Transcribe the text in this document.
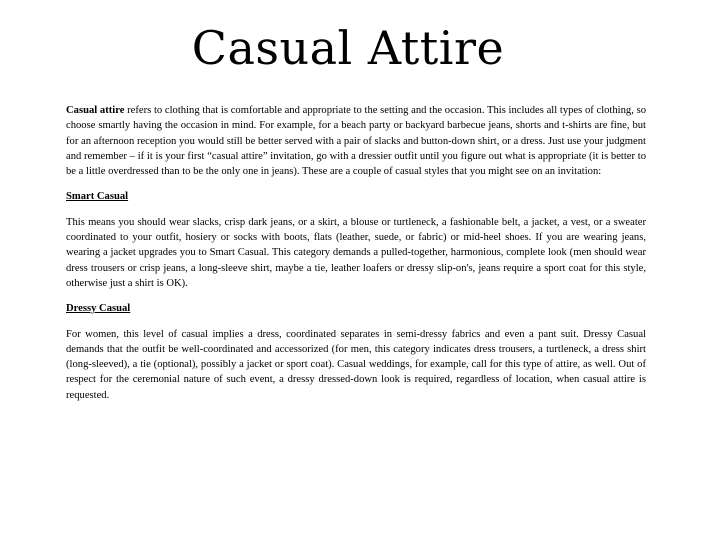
Casual Attire

Casual attire refers to clothing that is comfortable and appropriate to the setting and the occasion. This includes all types of clothing, so choose smartly having the occasion in mind. For example, for a beach party or backyard barbecue jeans, shorts and t-shirts are fine, but for an afternoon reception you would still be better served with a pair of slacks and button-down shirt, or a dress. Just use your judgment and remember – if it is your first “casual attire” invitation, go with a dressier outfit until you figure out what is appropriate (it is better to be a little overdressed than to be the only one in jeans). These are a couple of casual styles that you might see on an invitation:

Smart Casual

This means you should wear slacks, crisp dark jeans, or a skirt, a blouse or turtleneck, a fashionable belt, a jacket, a vest, or a sweater coordinated to your outfit, hosiery or socks with boots, flats (leather, suede, or fabric) or mid-heel shoes. If you are wearing jeans, wearing a jacket upgrades you to Smart Casual. This category demands a pulled-together, harmonious, complete look (men should wear dress trousers or crisp jeans, a long-sleeve shirt, maybe a tie, leather loafers or dressy slip-on's, jeans require a sport coat for this style, otherwise just a shirt is OK).

Dressy Casual

For women, this level of casual implies a dress, coordinated separates in semi-dressy fabrics and even a pant suit. Dressy Casual demands that the outfit be well-coordinated and accessorized (for men, this category indicates dress trousers, a turtleneck, a dress shirt (long-sleeved), a tie (optional), possibly a jacket or sport coat). Casual weddings, for example, call for this type of attire, as well. Out of respect for the ceremonial nature of such event, a dressy dressed-down look is required, regardless of location, when casual attire is requested.
